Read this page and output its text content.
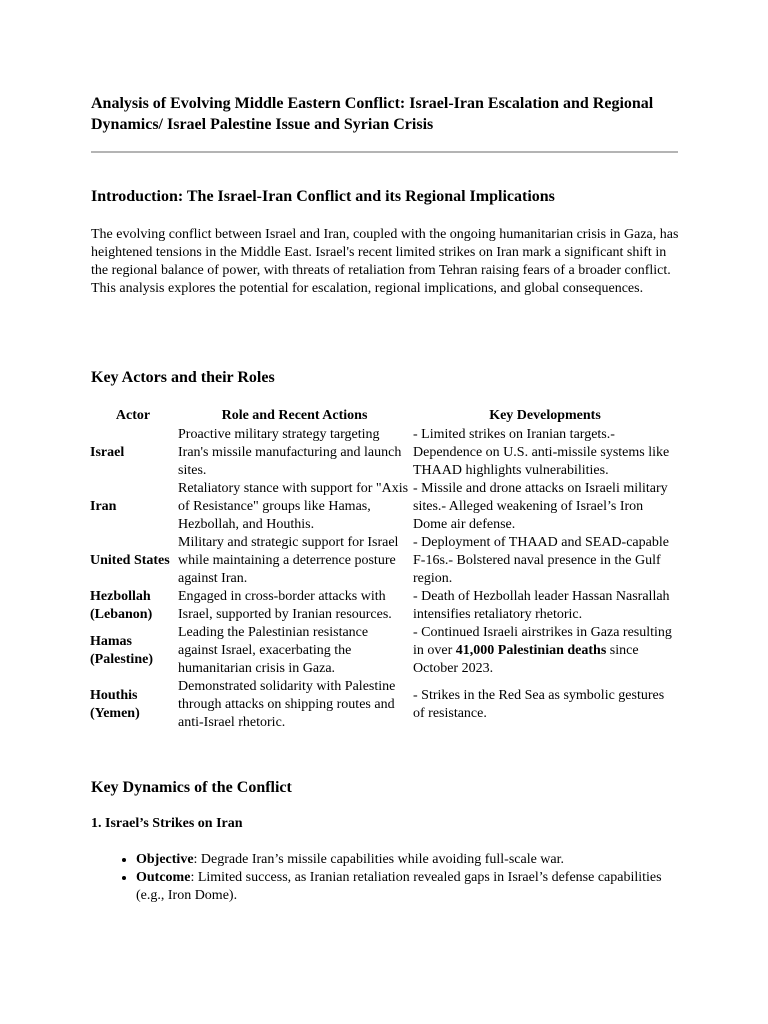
Analysis of Evolving Middle Eastern Conflict: Israel-Iran Escalation and Regional Dynamics/ Israel Palestine Issue and Syrian Crisis
Introduction: The Israel-Iran Conflict and its Regional Implications

The evolving conflict between Israel and Iran, coupled with the ongoing humanitarian crisis in Gaza, has heightened tensions in the Middle East. Israel's recent limited strikes on Iran mark a significant shift in the regional balance of power, with threats of retaliation from Tehran raising fears of a broader conflict. This analysis explores the potential for escalation, regional implications, and global consequences.

Key Actors and their Roles
Actor	Role and Recent Actions	Key Developments
Israel	Proactive military strategy targeting Iran's missile manufacturing and launch sites.	- Limited strikes on Iranian targets.- Dependence on U.S. anti-missile systems like THAAD highlights vulnerabilities.
Iran	Retaliatory stance with support for "Axis of Resistance" groups like Hamas, Hezbollah, and Houthis.	- Missile and drone attacks on Israeli military sites.- Alleged weakening of Israel’s Iron Dome air defense.
United States	Military and strategic support for Israel while maintaining a deterrence posture against Iran.	- Deployment of THAAD and SEAD-capable F-16s.- Bolstered naval presence in the Gulf region.
Hezbollah (Lebanon)	Engaged in cross-border attacks with Israel, supported by Iranian resources.	- Death of Hezbollah leader Hassan Nasrallah intensifies retaliatory rhetoric.
Hamas (Palestine)	Leading the Palestinian resistance against Israel, exacerbating the humanitarian crisis in Gaza.	- Continued Israeli airstrikes in Gaza resulting in over 41,000 Palestinian deaths since October 2023.
Houthis (Yemen)	Demonstrated solidarity with Palestine through attacks on shipping routes and anti-Israel rhetoric.	- Strikes in the Red Sea as symbolic gestures of resistance.
Key Dynamics of the Conflict
1. Israel’s Strikes on Iran
• Objective: Degrade Iran’s missile capabilities while avoiding full-scale war.
• Outcome: Limited success, as Iranian retaliation revealed gaps in Israel’s defense capabilities (e.g., Iron Dome).
